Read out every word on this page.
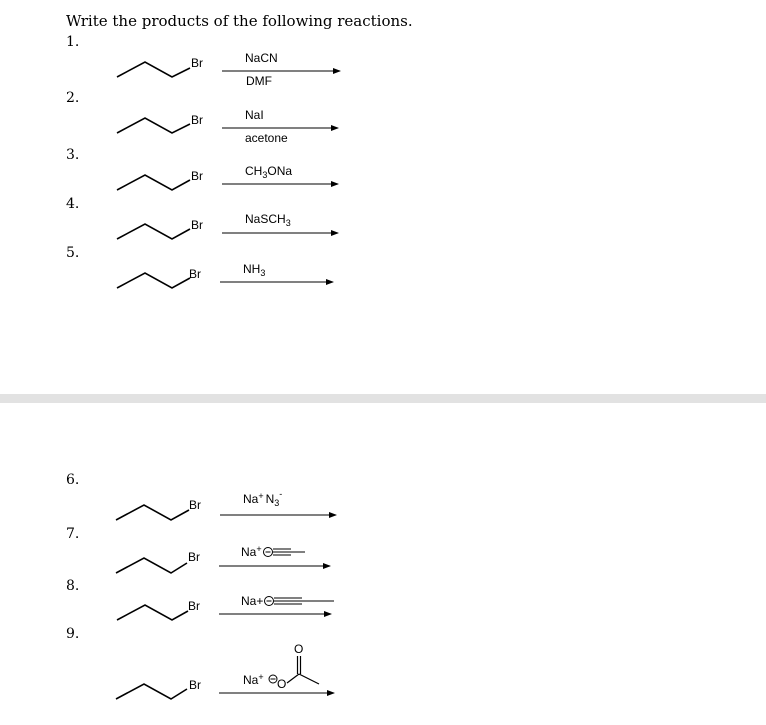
Write the products of the following reactions.
1.
2.
3.
4.
5.
6.
7.
8.
9.
Br	NaCN
DMF
Br	NaI
acetone
Br	$CH_3ONa$
Br	NaSCH$_3$
Br	$NH_3$
Br	Na+ $N_3^-$
Br	Na+
Br	Na+
Br	Na+ O
O
